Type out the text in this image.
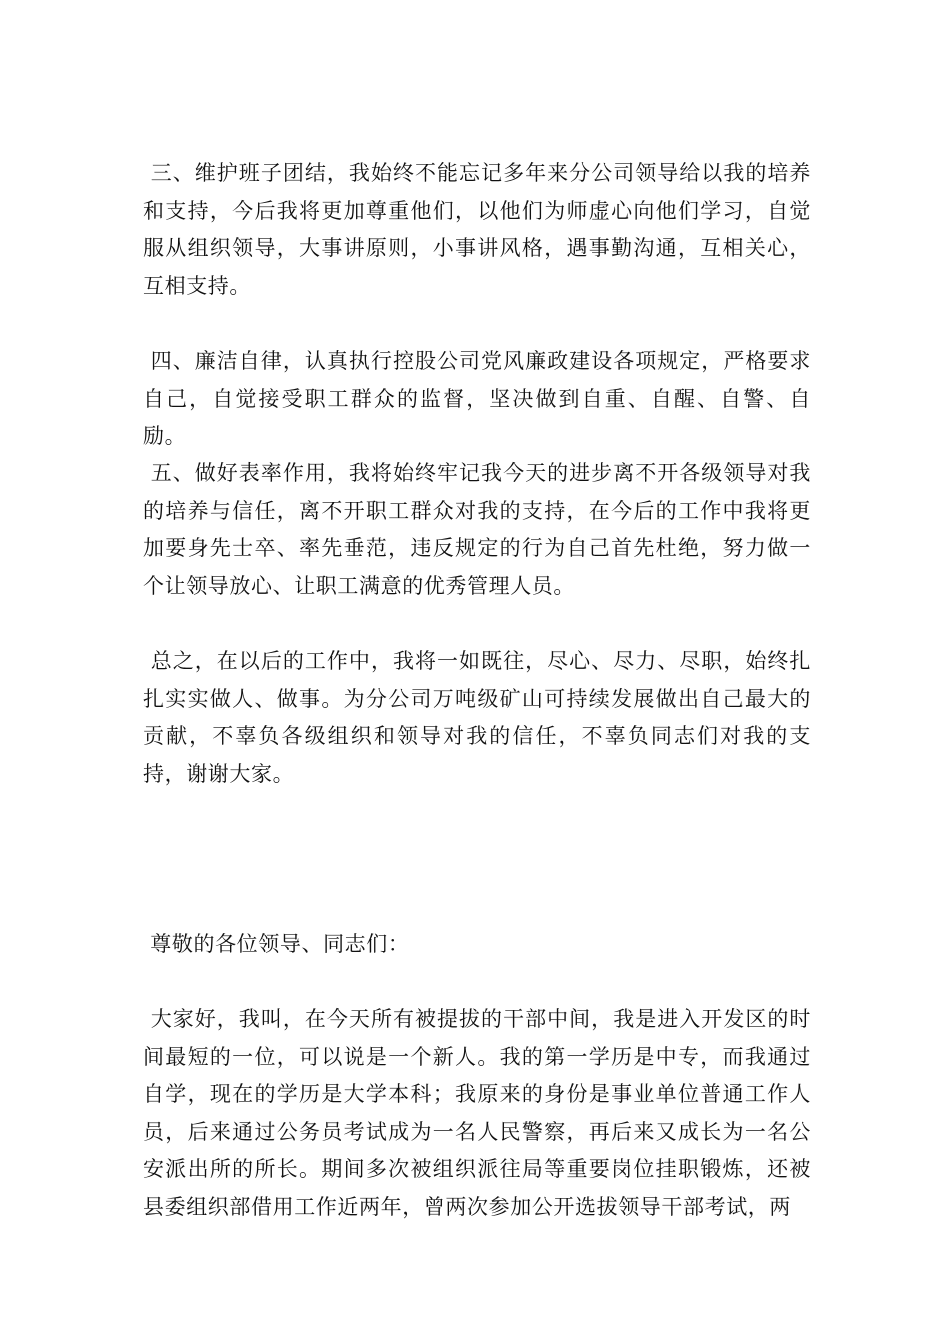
三、维护班子团结，我始终不能忘记多年来分公司领导给以我的培养和支持，今后我将更加尊重他们，以他们为师虚心向他们学习，自觉服从组织领导，大事讲原则，小事讲风格，遇事勤沟通，互相关心，互相支持。

四、廉洁自律，认真执行控股公司党风廉政建设各项规定，严格要求自己，自觉接受职工群众的监督，坚决做到自重、自醒、自警、自励。

五、做好表率作用，我将始终牢记我今天的进步离不开各级领导对我的培养与信任，离不开职工群众对我的支持，在今后的工作中我将更加要身先士卒、率先垂范，违反规定的行为自己首先杜绝，努力做一个让领导放心、让职工满意的优秀管理人员。

总之，在以后的工作中，我将一如既往，尽心、尽力、尽职，始终扎扎实实做人、做事。为分公司万吨级矿山可持续发展做出自己最大的贡献，不辜负各级组织和领导对我的信任，不辜负同志们对我的支持，谢谢大家。

尊敬的各位领导、同志们：

大家好，我叫，在今天所有被提拔的干部中间，我是进入开发区的时间最短的一位，可以说是一个新人。我的第一学历是中专，而我通过自学，现在的学历是大学本科；我原来的身份是事业单位普通工作人员，后来通过公务员考试成为一名人民警察，再后来又成长为一名公安派出所的所长。期间多次被组织派往局等重要岗位挂职锻炼，还被县委组织部借用工作近两年，曾两次参加公开选拔领导干部考试，两
